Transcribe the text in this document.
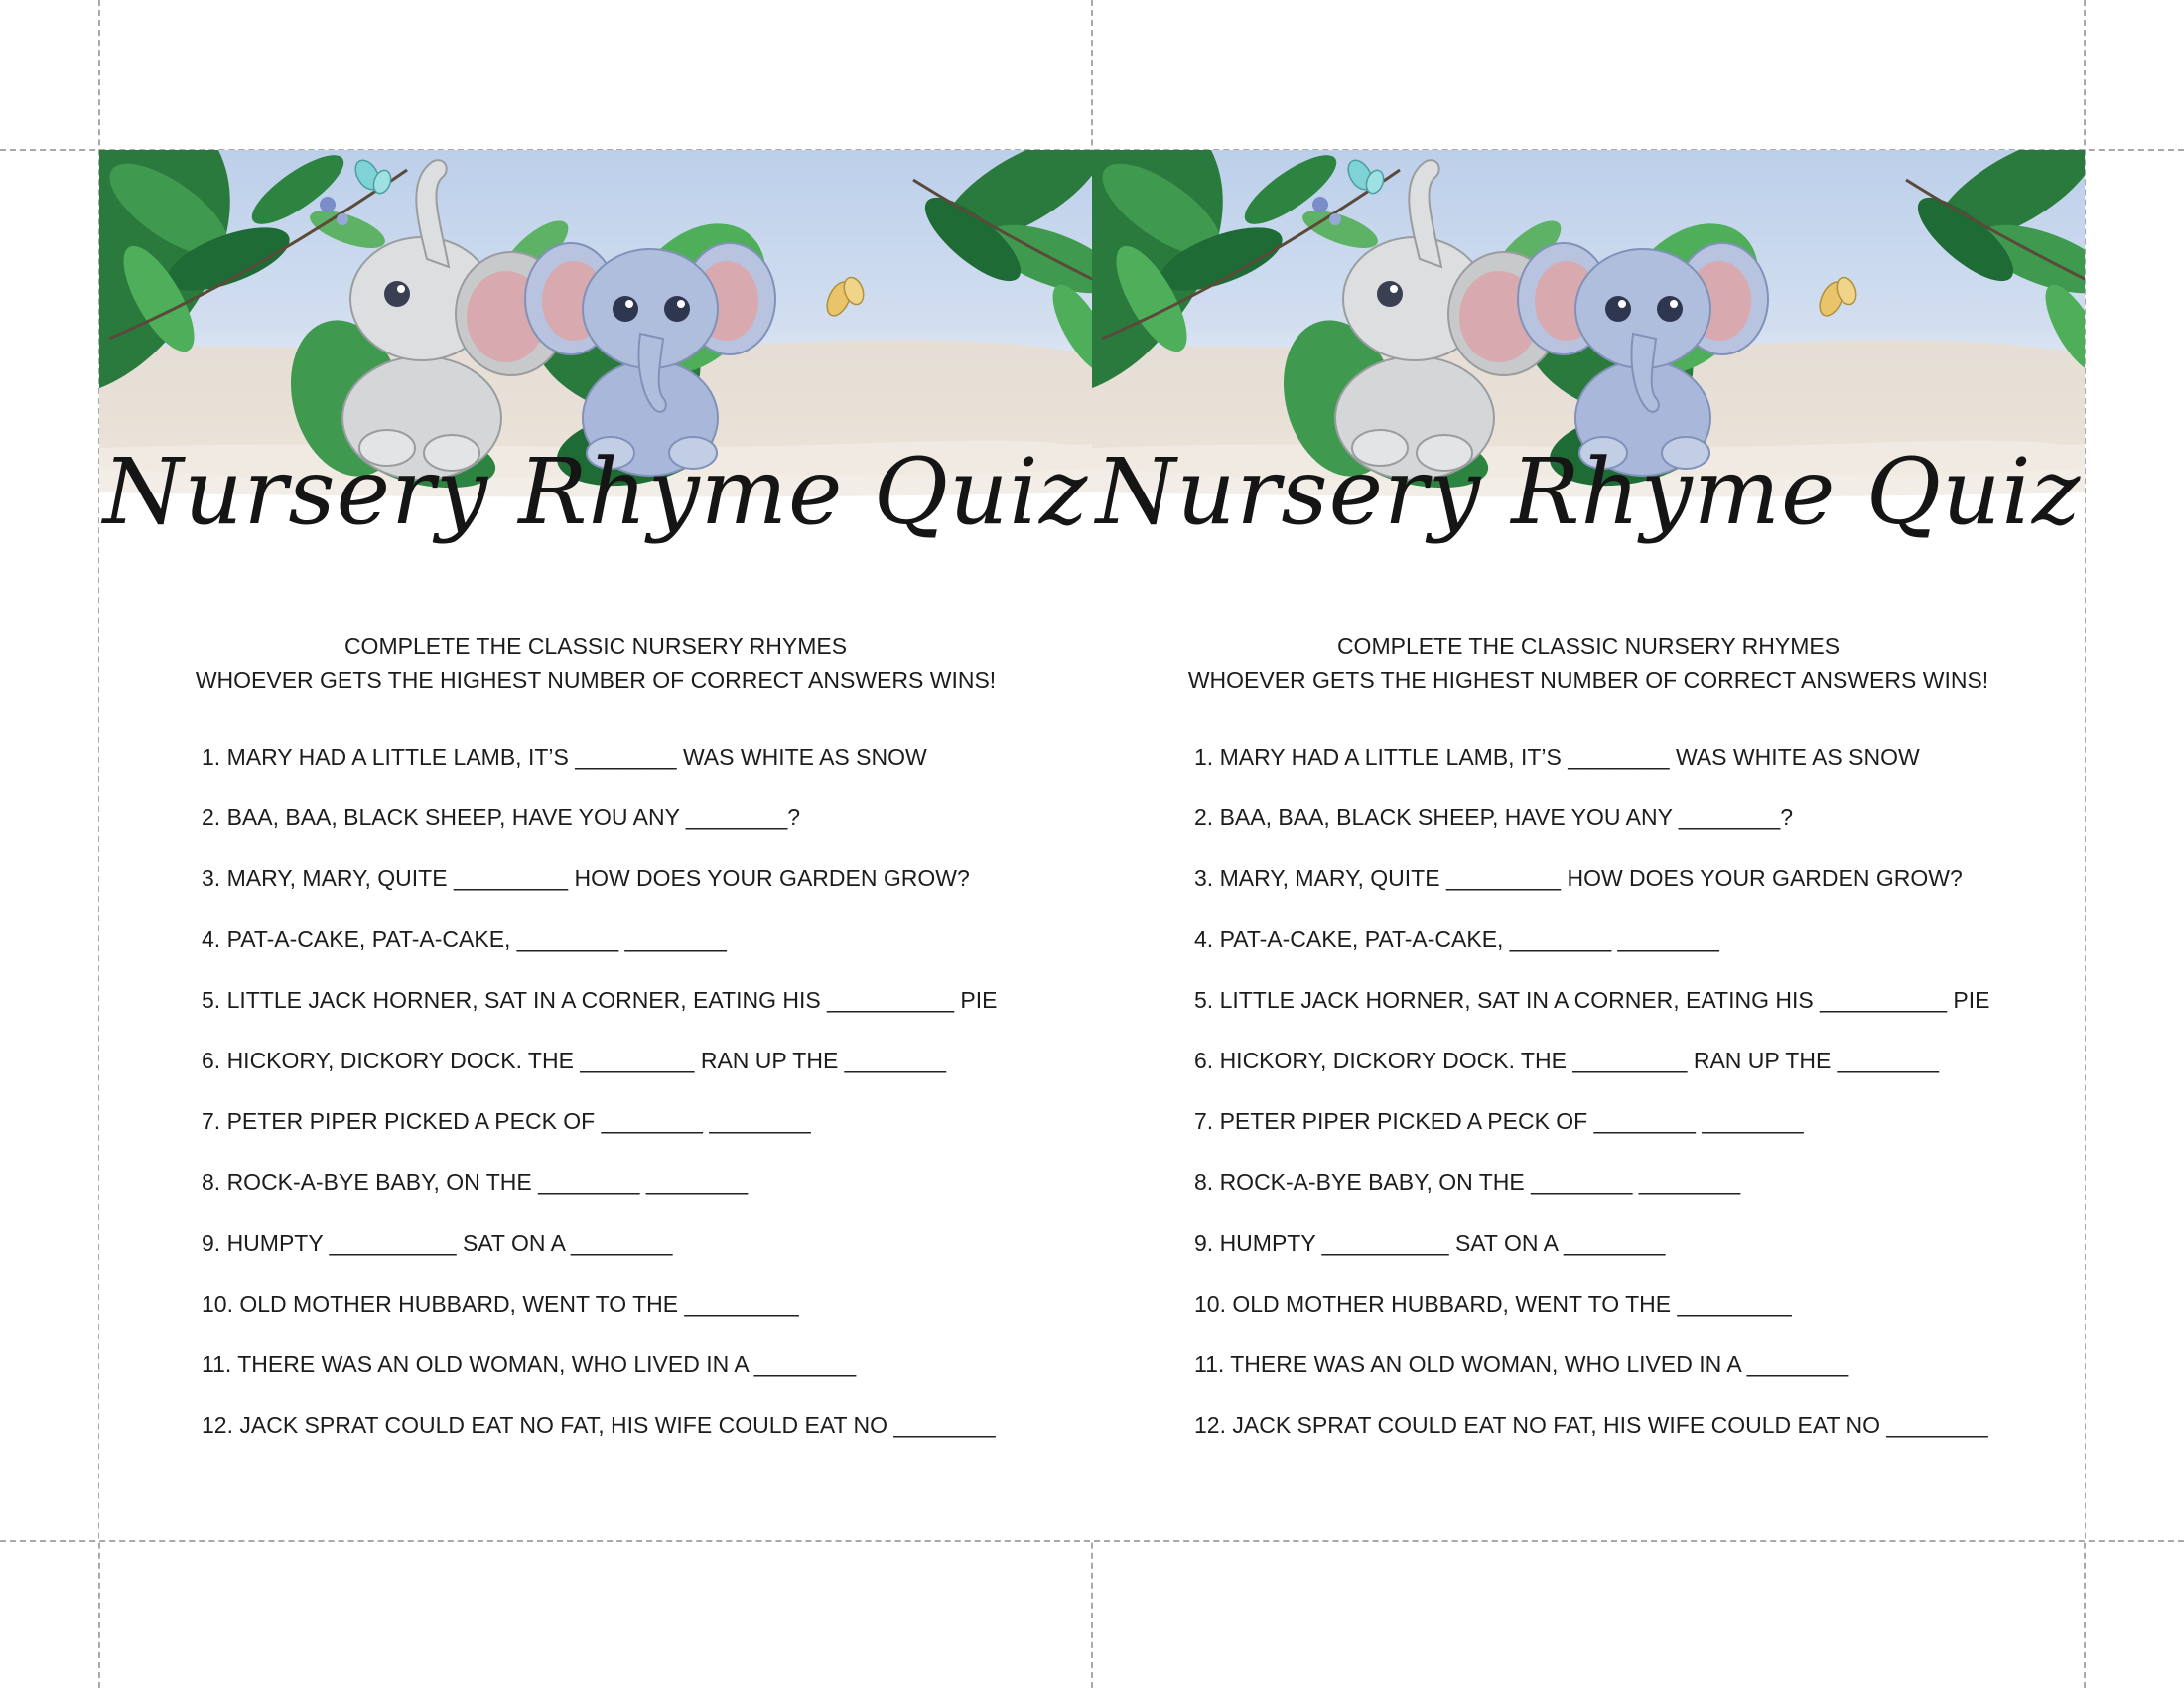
Nursery Rhyme Quiz
COMPLETE THE CLASSIC NURSERY RHYMES
WHOEVER GETS THE HIGHEST NUMBER OF CORRECT ANSWERS WINS!
1. MARY HAD A LITTLE LAMB, IT’S ________ WAS WHITE AS SNOW
2. BAA, BAA, BLACK SHEEP, HAVE YOU ANY ________?
3. MARY, MARY, QUITE _________ HOW DOES YOUR GARDEN GROW?
4. PAT-A-CAKE, PAT-A-CAKE, ________ ________
5. LITTLE JACK HORNER, SAT IN A CORNER, EATING HIS __________ PIE
6. HICKORY, DICKORY DOCK. THE _________ RAN UP THE ________
7. PETER PIPER PICKED A PECK OF ________ ________
8. ROCK-A-BYE BABY, ON THE ________ ________
9. HUMPTY __________ SAT ON A ________
10. OLD MOTHER HUBBARD, WENT TO THE _________
11. THERE WAS AN OLD WOMAN, WHO LIVED IN A ________
12. JACK SPRAT COULD EAT NO FAT, HIS WIFE COULD EAT NO ________
Nursery Rhyme Quiz
COMPLETE THE CLASSIC NURSERY RHYMES
WHOEVER GETS THE HIGHEST NUMBER OF CORRECT ANSWERS WINS!
1. MARY HAD A LITTLE LAMB, IT’S ________ WAS WHITE AS SNOW
2. BAA, BAA, BLACK SHEEP, HAVE YOU ANY ________?
3. MARY, MARY, QUITE _________ HOW DOES YOUR GARDEN GROW?
4. PAT-A-CAKE, PAT-A-CAKE, ________ ________
5. LITTLE JACK HORNER, SAT IN A CORNER, EATING HIS __________ PIE
6. HICKORY, DICKORY DOCK. THE _________ RAN UP THE ________
7. PETER PIPER PICKED A PECK OF ________ ________
8. ROCK-A-BYE BABY, ON THE ________ ________
9. HUMPTY __________ SAT ON A ________
10. OLD MOTHER HUBBARD, WENT TO THE _________
11. THERE WAS AN OLD WOMAN, WHO LIVED IN A ________
12. JACK SPRAT COULD EAT NO FAT, HIS WIFE COULD EAT NO ________
